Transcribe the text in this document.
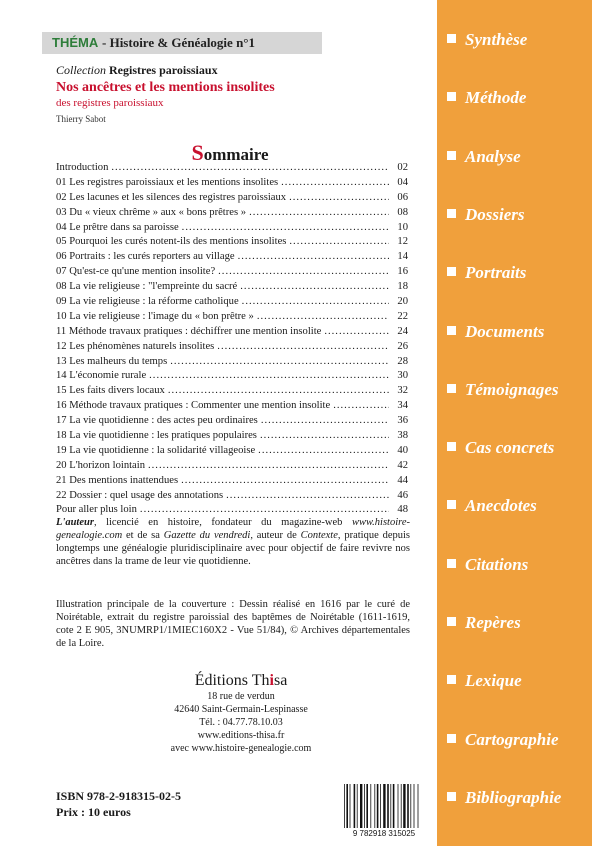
THÉMA - Histoire & Généalogie n°1
Collection Registres paroissiaux
Nos ancêtres et les mentions insolites
des registres paroissiaux
Thierry Sabot
Sommaire
Introduction .....	02
01 Les registres paroissiaux et les mentions insolites .....	04
02 Les lacunes et les silences des registres paroissiaux .....	06
03 Du « vieux chrême » aux « bons prêtres » .....	08
04 Le prêtre dans sa paroisse .....	10
05 Pourquoi les curés notent-ils des mentions insolites .....	12
06 Portraits : les curés reporters au village .....	14
07 Qu'est-ce qu'une mention insolite? .....	16
08 La vie religieuse : "l'empreinte du sacré .....	18
09 La vie religieuse : la réforme catholique .....	20
10 La vie religieuse : l'image du « bon prêtre » .....	22
11 Méthode travaux pratiques : déchiffrer une mention insolite .....	24
12 Les phénomènes naturels insolites .....	26
13 Les malheurs du temps .....	28
14 L'économie rurale .....	30
15 Les faits divers locaux .....	32
16 Méthode travaux pratiques : Commenter une mention insolite .....	34
17 La vie quotidienne : des actes peu ordinaires .....	36
18 La vie quotidienne : les pratiques populaires .....	38
19 La vie quotidienne : la solidarité villageoise .....	40
20 L'horizon lointain .....	42
21 Des mentions inattendues .....	44
22 Dossier : quel usage des annotations .....	46
Pour aller plus loin .....	48
L'auteur, licencié en histoire, fondateur du magazine-web www.histoire-genealogie.com et de sa Gazette du vendredi, auteur de Contexte, pratique depuis longtemps une généalogie pluridisciplinaire avec pour objectif de faire revivre nos ancêtres dans la trame de leur vie quotidienne.
Illustration principale de la couverture : Dessin réalisé en 1616 par le curé de Noirétable, extrait du registre paroissial des baptêmes de Noirétable (1611-1619, cote 2 E 905, 3NUMRP1/1MIEC160X2 - Vue 51/84), © Archives départementales de la Loire.
Éditions Thisa
18 rue de verdun
42640 Saint-Germain-Lespinasse
Tél. : 04.77.78.10.03
www.editions-thisa.fr
avec www.histoire-genealogie.com
ISBN 978-2-918315-02-5
Prix : 10 euros
9 782918 315025
Synthèse
Méthode
Analyse
Dossiers
Portraits
Documents
Témoignages
Cas concrets
Anecdotes
Citations
Repères
Lexique
Cartographie
Bibliographie
